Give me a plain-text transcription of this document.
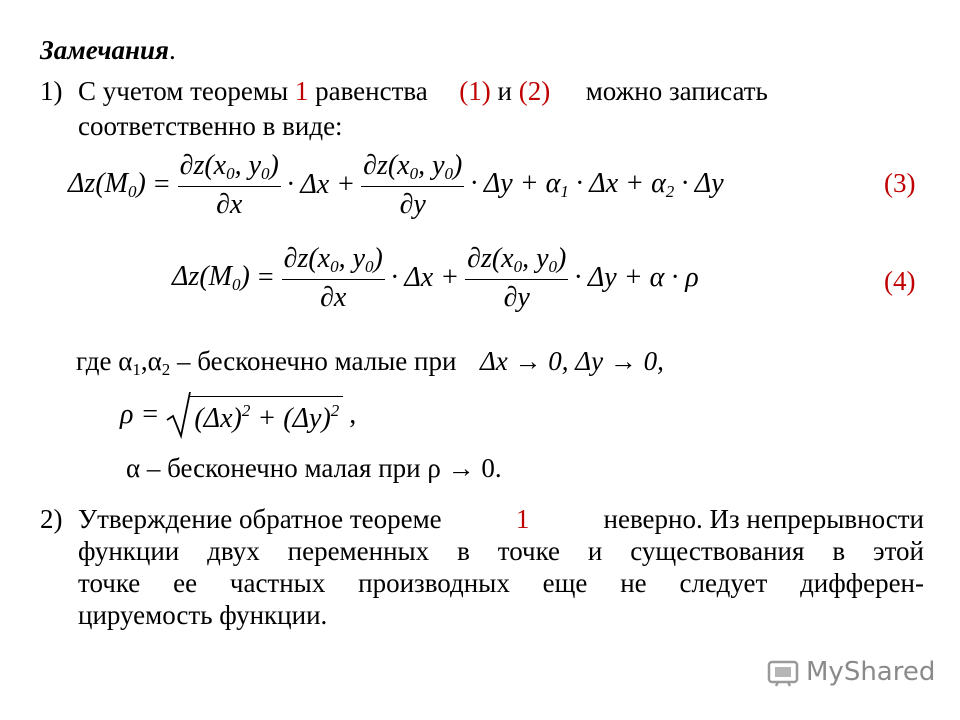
Замечания.
1) С учетом теоремы 1 равенства (1) и (2) можно записать
соответственно в виде:
$\Delta z(M_0) = \frac{\partial z(x_0, y_0)}{\partial x} \cdot \Delta x + \frac{\partial z(x_0, y_0)}{\partial y} \cdot \Delta y + \alpha_1 \cdot \Delta x + \alpha_2 \cdot \Delta y$	(3)
$\Delta z(M_0) = \frac{\partial z(x_0, y_0)}{\partial x} \cdot \Delta x + \frac{\partial z(x_0, y_0)}{\partial y} \cdot \Delta y + \alpha \cdot \rho$	(4)
где $\alpha_1,\alpha_2$ – бесконечно малые при Δx → 0, Δy → 0,
$\rho = (\Delta x)^2 + (\Delta y)^2$ ,
α – бесконечно малая при ρ → 0.
2) Утверждение обратное теореме	1	неверно. Из непрерывности
функции двух переменных в точке и существования в этой
точке ее частных производных еще не следует дифферен-
цируемость функции.
MyShared
